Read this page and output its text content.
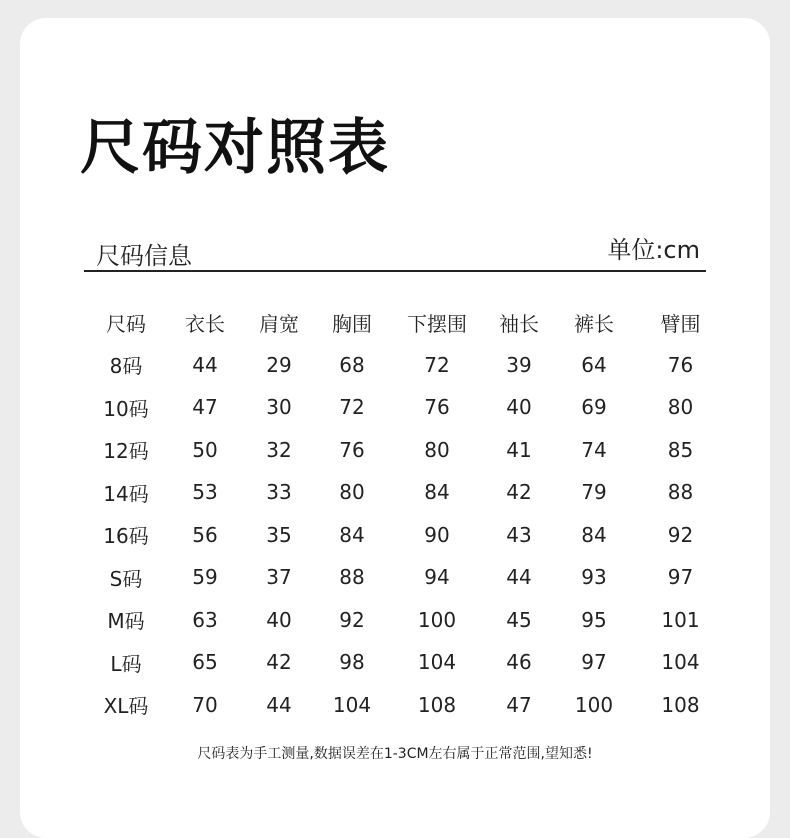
尺码对照表
尺码信息	单位:cm
尺码	衣长	肩宽	胸围	下摆围	袖长	裤长	臂围
8码	44	29	68	72	39	64	76
10码	47	30	72	76	40	69	80
12码	50	32	76	80	41	74	85
14码	53	33	80	84	42	79	88
16码	56	35	84	90	43	84	92
S码	59	37	88	94	44	93	97
M码	63	40	92	100	45	95	101
L码	65	42	98	104	46	97	104
XL码	70	44	104	108	47	100	108
尺码表为手工测量,数据误差在1-3CM左右属于正常范围,望知悉!
